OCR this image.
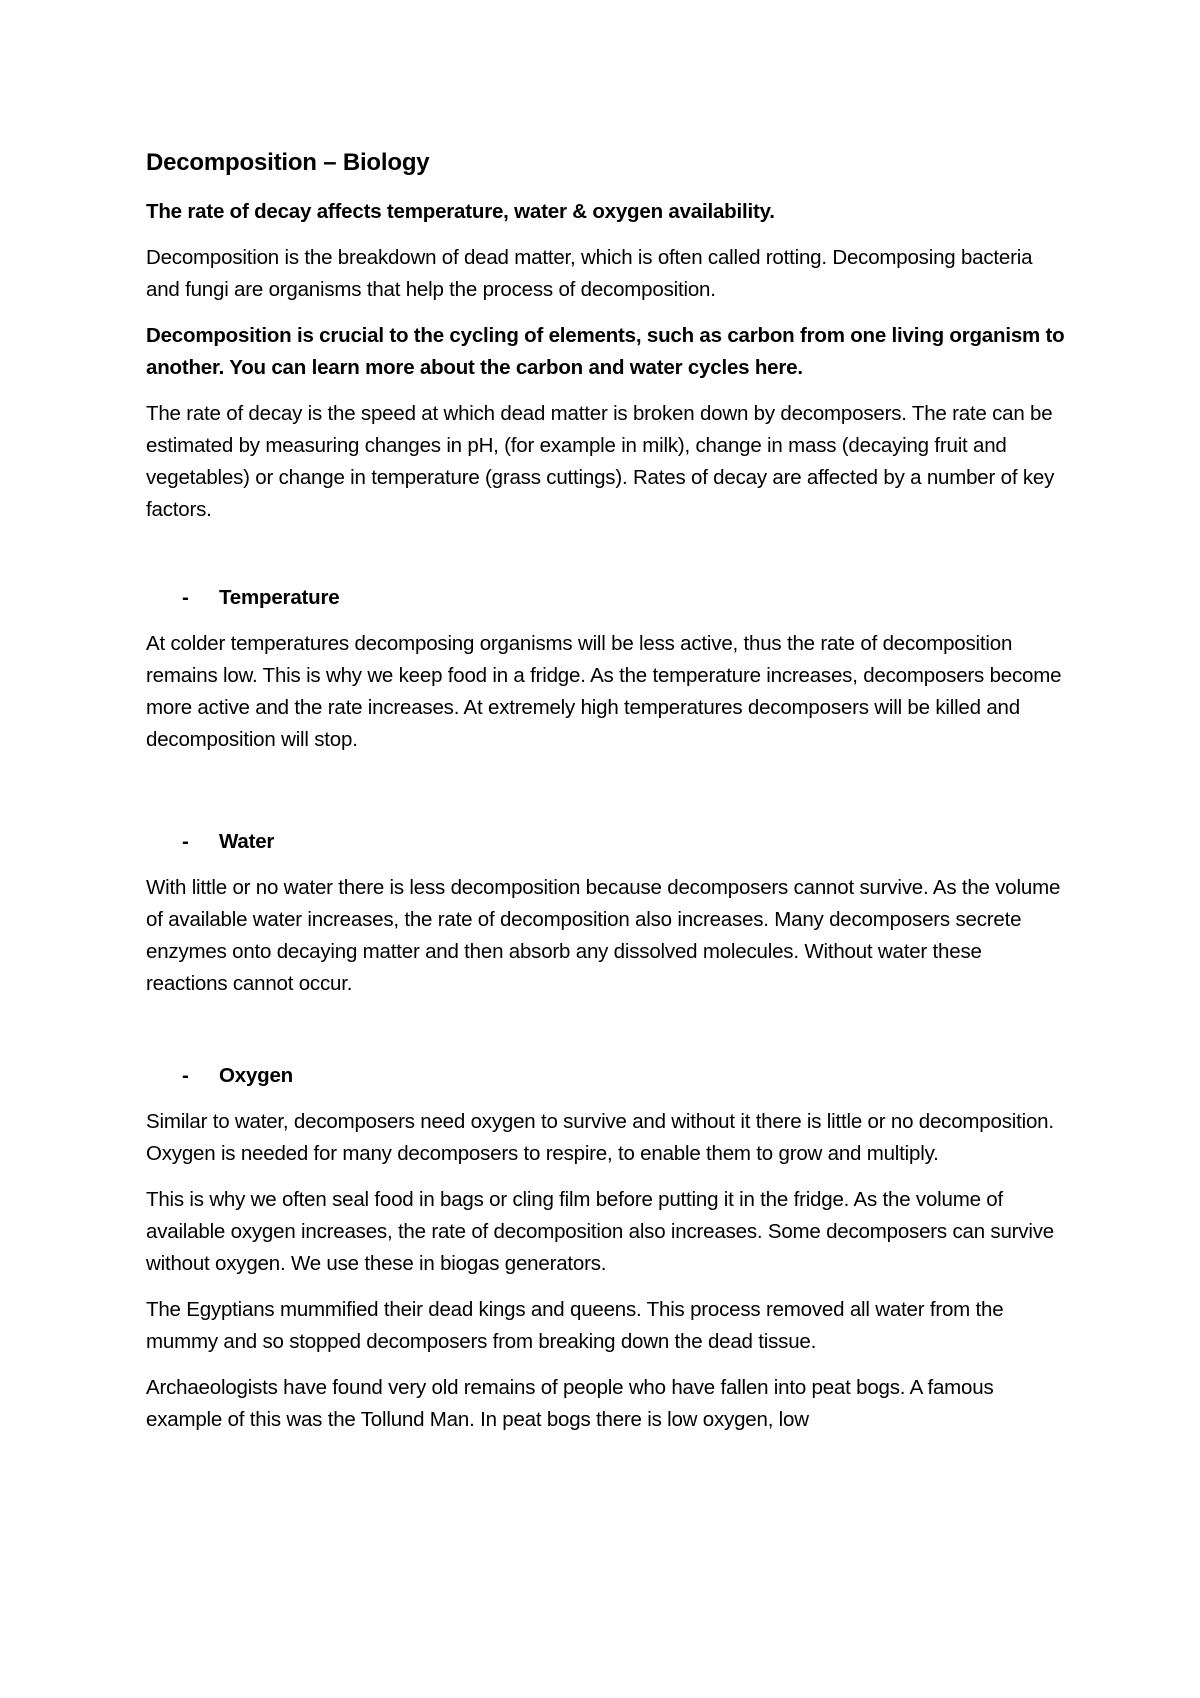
Decomposition – Biology

The rate of decay affects temperature, water & oxygen availability.

Decomposition is the breakdown of dead matter, which is often called rotting. Decomposing bacteria and fungi are organisms that help the process of decomposition.

Decomposition is crucial to the cycling of elements, such as carbon from one living organism to another. You can learn more about the carbon and water cycles here.

The rate of decay is the speed at which dead matter is broken down by decomposers. The rate can be estimated by measuring changes in pH, (for example in milk), change in mass (decaying fruit and vegetables) or change in temperature (grass cuttings). Rates of decay are affected by a number of key factors.

- Temperature

At colder temperatures decomposing organisms will be less active, thus the rate of decomposition remains low. This is why we keep food in a fridge. As the temperature increases, decomposers become more active and the rate increases. At extremely high temperatures decomposers will be killed and decomposition will stop.

- Water

With little or no water there is less decomposition because decomposers cannot survive. As the volume of available water increases, the rate of decomposition also increases. Many decomposers secrete enzymes onto decaying matter and then absorb any dissolved molecules. Without water these reactions cannot occur.

- Oxygen

Similar to water, decomposers need oxygen to survive and without it there is little or no decomposition. Oxygen is needed for many decomposers to respire, to enable them to grow and multiply.

This is why we often seal food in bags or cling film before putting it in the fridge. As the volume of available oxygen increases, the rate of decomposition also increases. Some decomposers can survive without oxygen. We use these in biogas generators.

The Egyptians mummified their dead kings and queens. This process removed all water from the mummy and so stopped decomposers from breaking down the dead tissue.

Archaeologists have found very old remains of people who have fallen into peat bogs. A famous example of this was the Tollund Man. In peat bogs there is low oxygen, low
